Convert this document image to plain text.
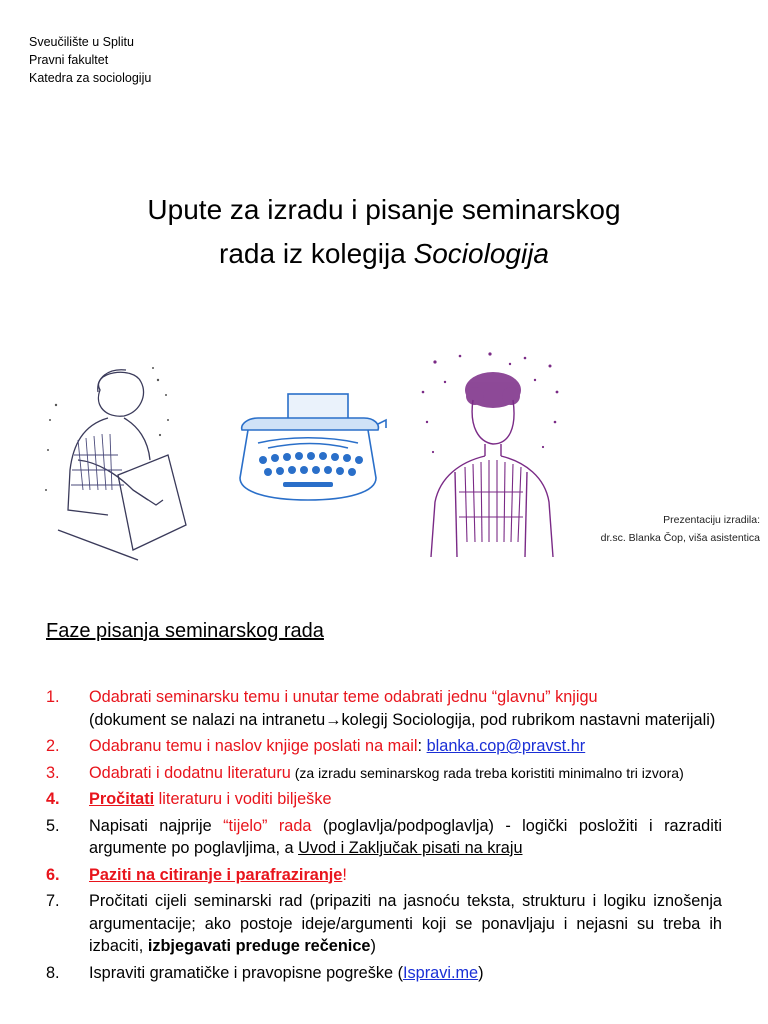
Sveučilište u Splitu
Pravni fakultet
Katedra za sociologiju
Upute za izradu i pisanje seminarskog
rada iz kolegija Sociologija
Prezentaciju izradila:
dr.sc. Blanka Čop, viša asistentica
Faze pisanja seminarskog rada
1. Odabrati seminarsku temu i unutar teme odabrati jednu “glavnu” knjigu
(dokument se nalazi na intranetu→kolegij Sociologija, pod rubrikom nastavni materijali)
2. Odabranu temu i naslov knjige poslati na mail: blanka.cop@pravst.hr
3. Odabrati i dodatnu literaturu (za izradu seminarskog rada treba koristiti minimalno tri izvora)
4. Pročitati literaturu i voditi bilješke
5. Napisati najprije “tijelo” rada (poglavlja/podpoglavlja) - logički posložiti i razraditi argumente po poglavljima, a Uvod i Zaključak pisati na kraju
6. Paziti na citiranje i parafraziranje!
7. Pročitati cijeli seminarski rad (pripaziti na jasnoću teksta, strukturu i logiku iznošenja argumentacije; ako postoje ideje/argumenti koji se ponavljaju i nejasni su treba ih izbaciti, izbjegavati preduge rečenice)
8. Ispraviti gramatičke i pravopisne pogreške (Ispravi.me)
